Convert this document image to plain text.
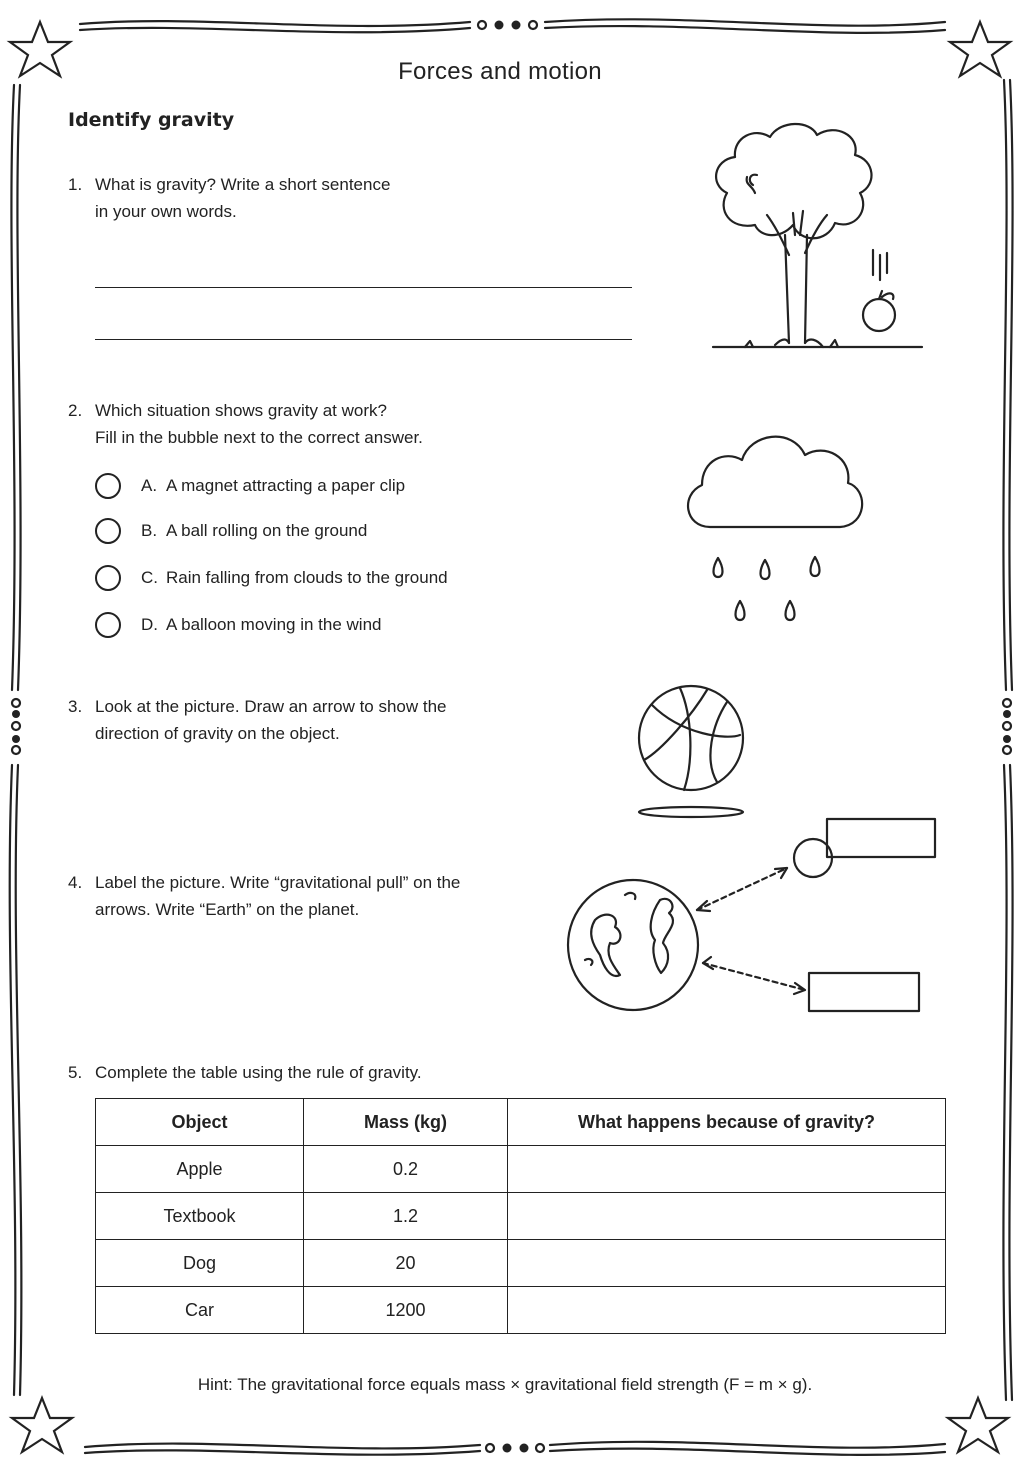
Forces and motion
Identify gravity
1. What is gravity? Write a short sentence
in your own words.
2. Which situation shows gravity at work?
Fill in the bubble next to the correct answer.
A. A magnet attracting a paper clip
B. A ball rolling on the ground
C. Rain falling from clouds to the ground
D. A balloon moving in the wind
3. Look at the picture. Draw an arrow to show the
direction of gravity on the object.
4. Label the picture. Write “gravitational pull” on the
arrows. Write “Earth” on the planet.
5. Complete the table using the rule of gravity.
Object	Mass (kg)	What happens because of gravity?
Apple	0.2	
Textbook	1.2	
Dog	20	
Car	1200	
Hint: The gravitational force equals mass × gravitational field strength (F = m × g).
